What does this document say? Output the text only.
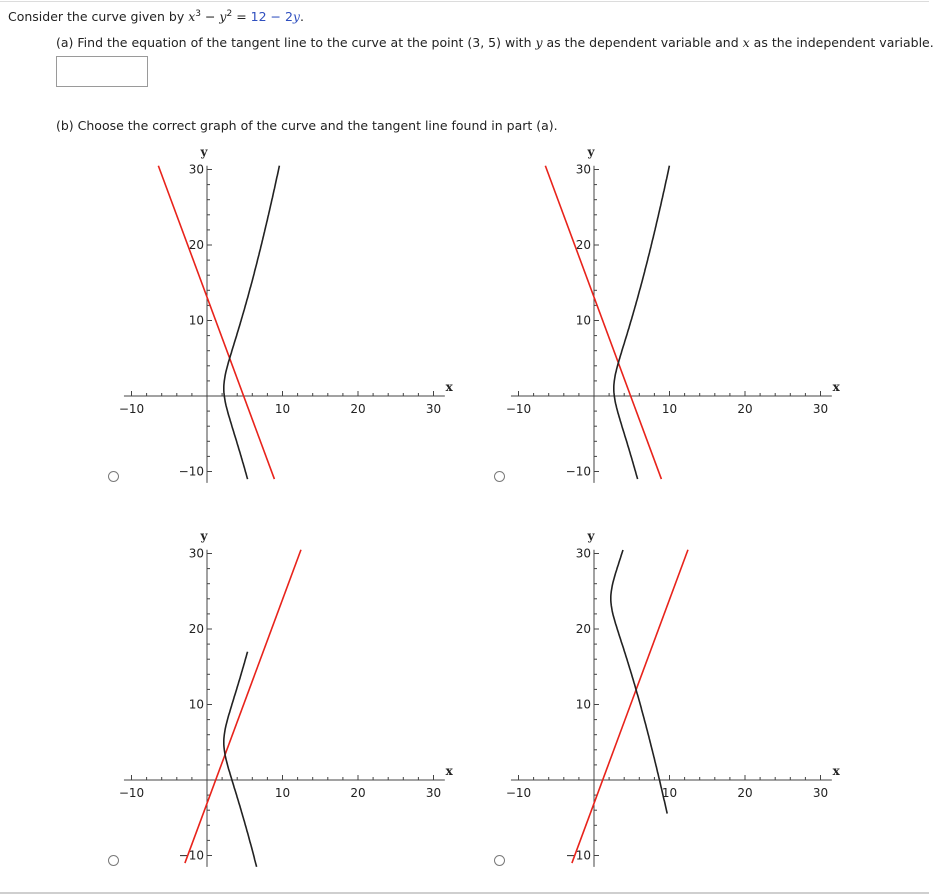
Consider the curve given by $x^3 - y^2 = 12 - 2y$.
(a) Find the equation of the tangent line to the curve at the point (3, 5) with y as the dependent variable and x as the independent variable.
(b) Choose the correct graph of the curve and the tangent line found in part (a).
−10	10	20	30
30
20
10
−10
x
y
−10	10	20	30
30
20
10
−10
x
y
−10	10	20	30
30
20
10
−10
x
y
−10	10	20	30
30
20
10
−10
x
y
